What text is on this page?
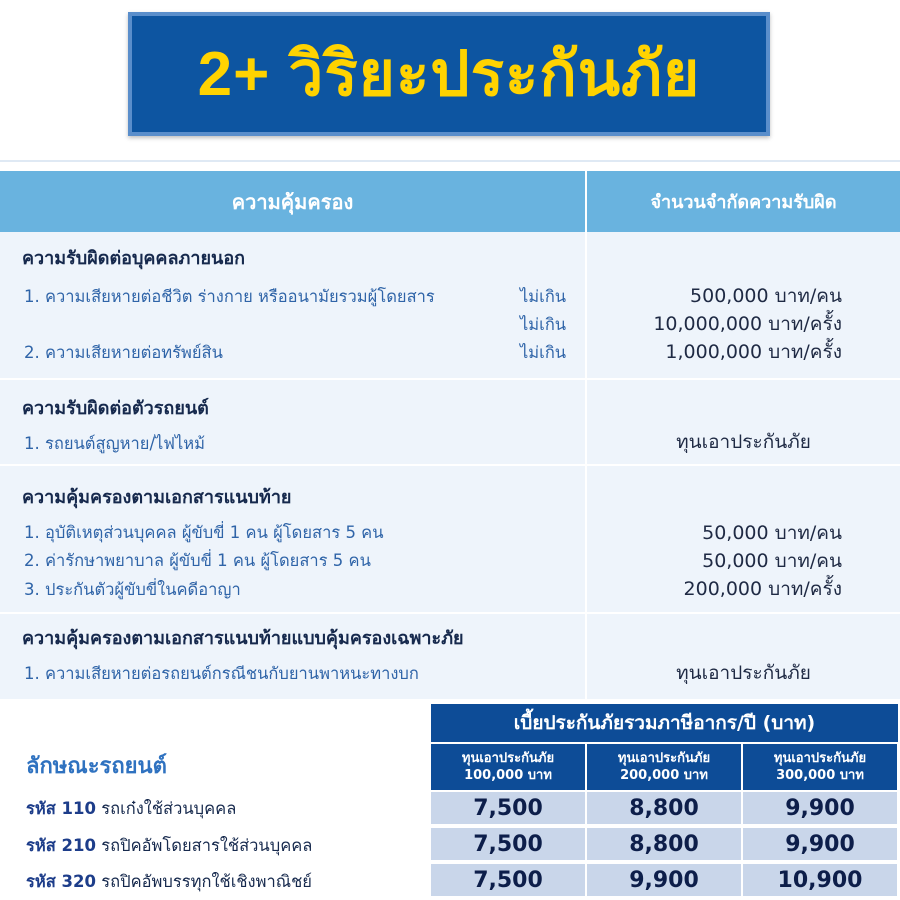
2+ วิริยะประกันภัย
ความคุ้มครอง	จำนวนจำกัดความรับผิด
ความรับผิดต่อบุคคลภายนอก
1. ความเสียหายต่อชีวิต ร่างกาย หรืออนามัยรวมผู้โดยสาร	ไม่เกิน	500,000 บาท/คน
ไม่เกิน	10,000,000 บาท/ครั้ง
2. ความเสียหายต่อทรัพย์สิน	ไม่เกิน	1,000,000 บาท/ครั้ง
ความรับผิดต่อตัวรถยนต์
1. รถยนต์สูญหาย/ไฟไหม้	ทุนเอาประกันภัย
ความคุ้มครองตามเอกสารแนบท้าย
1. อุบัติเหตุส่วนบุคคล ผู้ขับขี่ 1 คน ผู้โดยสาร 5 คน	50,000 บาท/คน
2. ค่ารักษาพยาบาล ผู้ขับขี่ 1 คน ผู้โดยสาร 5 คน	50,000 บาท/คน
3. ประกันตัวผู้ขับขี่ในคดีอาญา	200,000 บาท/ครั้ง
ความคุ้มครองตามเอกสารแนบท้ายแบบคุ้มครองเฉพาะภัย
1. ความเสียหายต่อรถยนต์กรณีชนกับยานพาหนะทางบก	ทุนเอาประกันภัย
เบี้ยประกันภัยรวมภาษีอากร/ปี (บาท)
ทุนเอาประกันภัย
100,000 บาท
ทุนเอาประกันภัย
200,000 บาท
ทุนเอาประกันภัย
300,000 บาท
ลักษณะรถยนต์
รหัส 110 รถเก๋งใช้ส่วนบุคคล	7,500	8,800	9,900
รหัส 210 รถปิคอัพโดยสารใช้ส่วนบุคคล	7,500	8,800	9,900
รหัส 320 รถปิคอัพบรรทุกใช้เชิงพาณิชย์	7,500	9,900	10,900
